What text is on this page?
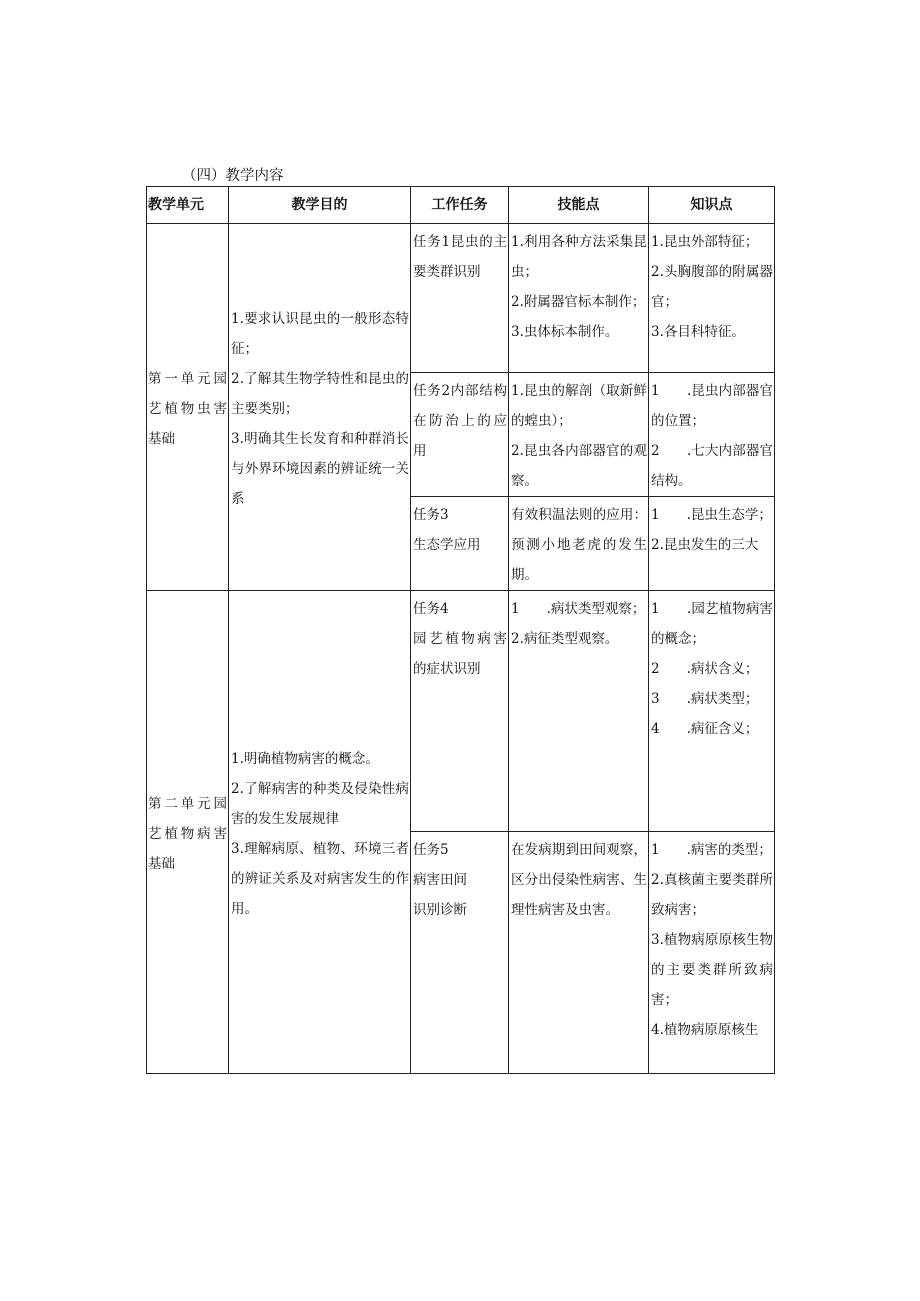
（四）教学内容
教学单元	教学目的	工作任务	技能点	知识点

第一单元园艺植物虫害基础	1.要求认识昆虫的一般形态特征；
2.了解其生物学特性和昆虫的主要类别；
3.明确其生长发育和种群消长与外界环境因素的辨证统一关系	任务1昆虫的主要类群识别	1.利用各种方法采集昆虫；
2.附属器官标本制作；
3.虫体标本制作。	1.昆虫外部特征；
2.头胸腹部的附属器官；
3.各目科特征。

		任务2内部结构在防治上的应用	1.昆虫的解剖（取新鲜的蝗虫）；
2.昆虫各内部器官的观察。	1　　.昆虫内部器官的位置；
2　　.七大内部器官结构。

		任务3
生态学应用	有效积温法则的应用：预测小地老虎的发生期。	1　　.昆虫生态学；
2.昆虫发生的三大

第二单元园艺植物病害基础	1.明确植物病害的概念。
2.了解病害的种类及侵染性病害的发生发展规律
3.理解病原、植物、环境三者的辨证关系及对病害发生的作用。	任务4
园艺植物病害的症状识别	1　　.病状类型观察；
2.病征类型观察。	1　　.园艺植物病害的概念；
2　　.病状含义；
3　　.病状类型；
4　　.病征含义；

		任务5
病害田间
识别诊断	在发病期到田间观察，区分出侵染性病害、生理性病害及虫害。	1　　.病害的类型；
2.真核菌主要类群所致病害；
3.植物病原原核生物的主要类群所致病害；
4.植物病原原核生
